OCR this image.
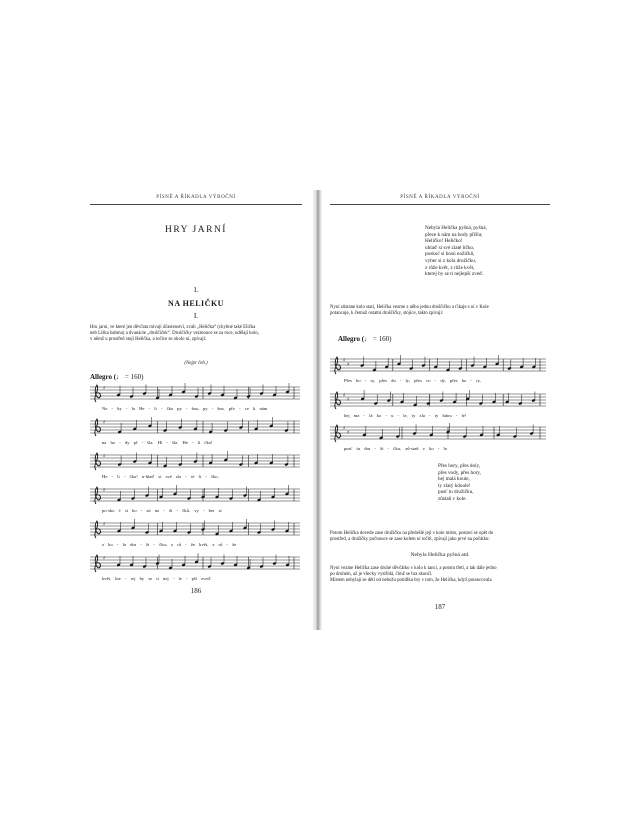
PÍSNĚ A ŘÍKADLA VÝROČNÍ
HRY JARNÍ
1.
NA HELIČKU
I.
Hru jarní, ve které jen děvčata mívají účastenství, zvali „Helička“ (chybné také Elička
neb Liška babma) a dvanácte „druščiček“. Druščičky vezmouce se za ruce, udělají kolo,
v němž u prostřed stojí Helička, a točíce se okolo ní, zpívají:
(Nejpr čeh.)
Allegro (♩ = 160)
♯
Ne - by - la He - li - čka py - šna, py - šna, přo - ce k nám
♯
na ho - dy př - šla. Hi - šla. He - li čko!
♯
He - li - čko! u-hlaď si své zla - té li - čko,
♯
po-sko č si bo - sú no - ži - čků, vy - ber si
♯
z ko - la dru - ži - čku, z rů - že květ, z rů - že
♯
květ, kte - rej by se ti nej - le - pší zveď.
186
PÍSNĚ A ŘÍKADLA VÝROČNÍ
Nebyla Helička pyšná, pyšná,
přece k nám na hody přišla;
Heličko! Heličko!
uhlaď si své zlaté líčko,
poskoč si bosú nožičků,
vyber si z kola družičku,
z růže květ, z růže květ,
kterej by se ti nejlepší zveď.
Nyní zůstane kolo stati, Helička vezme z něho jednu druščičku a ťikaje s ní v Kole
potancuje, k čemuž ostatní druščičky, stojíce, takto zpívají:
Allegro (♩ = 160)
♯
♯
Přes ho - ry, přes du - ly, přes vo - dy, přes ho - ry,
♯
♯
hej ma - lá ko - u - le, ty zla - ty kdou - le!
♯
♯
pusť tu dru - ži - čku, zů-stañ v ko - le.
Přes hory, přes doly,
přes vody, přes hory,
hej malá koule,
ty zlatý kdoule!
pusť tu družičku,
zůstaň v kole.
Potom Helička dovede zase družičku na předešlé její v kole místo, postaví se opět do
prostřed, a družičky počnouce se zase kolem ní točiti, zpívají jako prvé na počátku:
Nebyla Helička pyšná atd.
Nyní vezme Helička zase druhé děvčátko v kolo k tanci, a potom třetí, a tak dále jedno
po druhém, až je všecky vystřídá, čímž se hra skončí.
Místem nebylají se děti od nebožu potidlka hry v tom, že Helička, když potancovala
187
